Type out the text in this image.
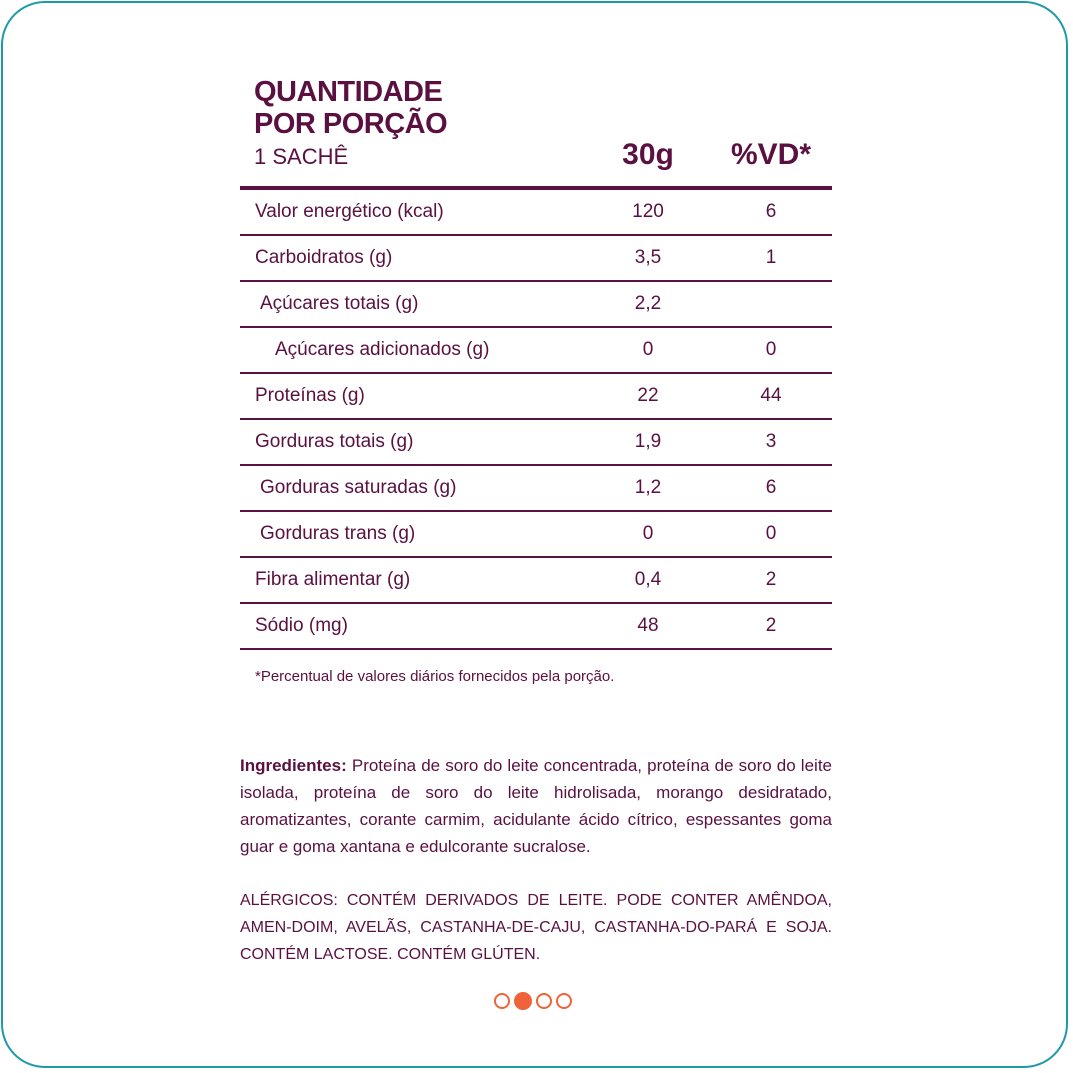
QUANTIDADE
POR PORÇÃO
1 SACHÊ	30g	%VD*
Valor energético (kcal)	120	6
Carboidratos (g)	3,5	1
Açúcares totais (g)	2,2
Açúcares adicionados (g)	0	0
Proteínas (g)	22	44
Gorduras totais (g)	1,9	3
Gorduras saturadas (g)	1,2	6
Gorduras trans (g)	0	0
Fibra alimentar (g)	0,4	2
Sódio (mg)	48	2
*Percentual de valores diários fornecidos pela porção.
Ingredientes: Proteína de soro do leite concentrada, proteína de soro do leite isolada, proteína de soro do leite hidrolisada, morango desidratado, aromatizantes, corante carmim, acidulante ácido cítrico, espessantes goma guar e goma xantana e edulcorante sucralose.
ALÉRGICOS: CONTÉM DERIVADOS DE LEITE. PODE CONTER AMÊNDOA, AMEN-DOIM, AVELÃS, CASTANHA-DE-CAJU, CASTANHA-DO-PARÁ E SOJA. CONTÉM LACTOSE. CONTÉM GLÚTEN.
